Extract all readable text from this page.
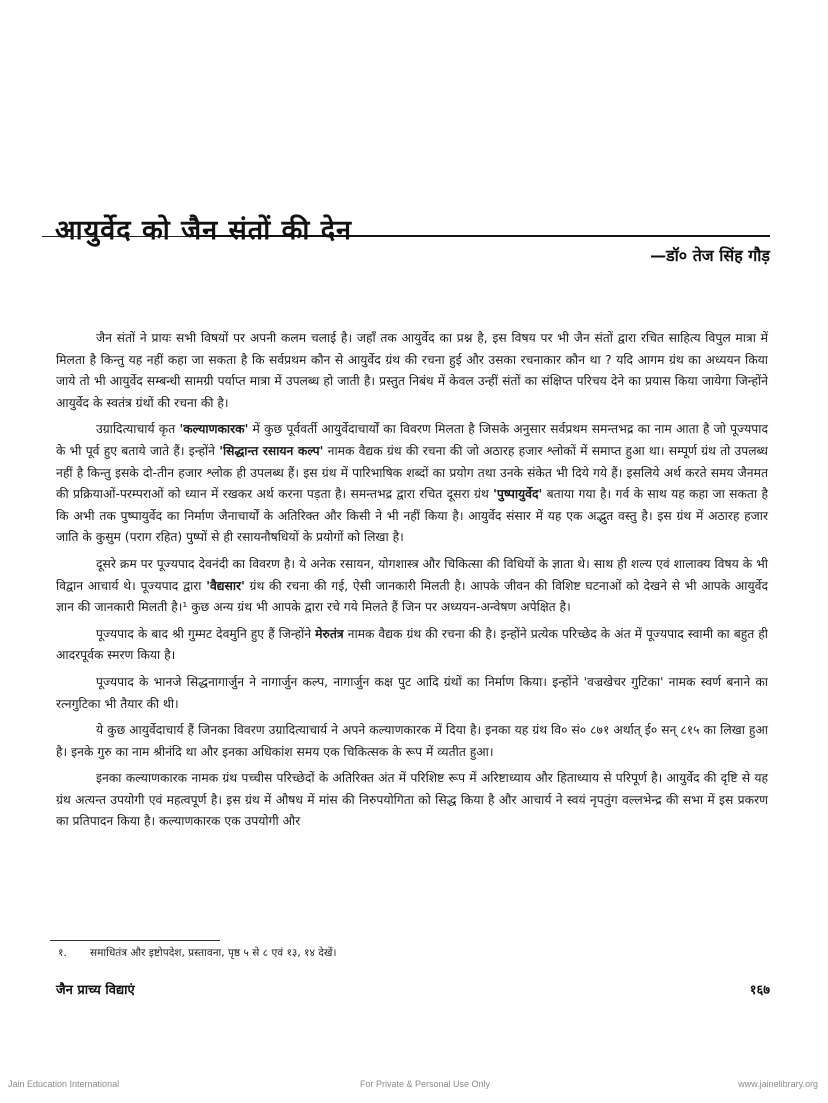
आयुर्वेद को जैन संतों की देन
—डॉ० तेज सिंह गौड़

जैन संतों ने प्रायः सभी विषयों पर अपनी कलम चलाई है। जहाँ तक आयुर्वेद का प्रश्न है, इस विषय पर भी जैन संतों द्वारा रचित साहित्य विपुल मात्रा में मिलता है किन्तु यह नहीं कहा जा सकता है कि सर्वप्रथम कौन से आयुर्वेद ग्रंथ की रचना हुई और उसका रचनाकार कौन था ? यदि आगम ग्रंथ का अध्ययन किया जाये तो भी आयुर्वेद सम्बन्धी सामग्री पर्याप्त मात्रा में उपलब्ध हो जाती है। प्रस्तुत निबंध में केवल उन्हीं संतों का संक्षिप्त परिचय देने का प्रयास किया जायेगा जिन्होंने आयुर्वेद के स्वतंत्र ग्रंथों की रचना की है।

उग्रादित्याचार्य कृत 'कल्याणकारक' में कुछ पूर्ववर्ती आयुर्वेदाचार्यों का विवरण मिलता है जिसके अनुसार सर्वप्रथम समन्तभद्र का नाम आता है जो पूज्यपाद के भी पूर्व हुए बताये जाते हैं। इन्होंने 'सिद्धान्त रसायन कल्प' नामक वैद्यक ग्रंथ की रचना की जो अठारह हजार श्लोकों में समाप्त हुआ था। सम्पूर्ण ग्रंथ तो उपलब्ध नहीं है किन्तु इसके दो-तीन हजार श्लोक ही उपलब्ध हैं। इस ग्रंथ में पारिभाषिक शब्दों का प्रयोग तथा उनके संकेत भी दिये गये हैं। इसलिये अर्थ करते समय जैनमत की प्रक्रियाओं-परम्पराओं को ध्यान में रखकर अर्थ करना पड़ता है। समन्तभद्र द्वारा रचित दूसरा ग्रंथ 'पुष्पायुर्वेद' बताया गया है। गर्व के साथ यह कहा जा सकता है कि अभी तक पुष्पायुर्वेद का निर्माण जैनाचार्यों के अतिरिक्त और किसी ने भी नहीं किया है। आयुर्वेद संसार में यह एक अद्भुत वस्तु है। इस ग्रंथ में अठारह हजार जाति के कुसुम (पराग रहित) पुष्पों से ही रसायनौषधियों के प्रयोगों को लिखा है।

दूसरे क्रम पर पूज्यपाद देवनंदी का विवरण है। ये अनेक रसायन, योगशास्त्र और चिकित्सा की विधियों के ज्ञाता थे। साथ ही शल्य एवं शालाक्य विषय के भी विद्वान आचार्य थे। पूज्यपाद द्वारा 'वैद्यसार' ग्रंथ की रचना की गई, ऐसी जानकारी मिलती है। आपके जीवन की विशिष्ट घटनाओं को देखने से भी आपके आयुर्वेद ज्ञान की जानकारी मिलती है।¹ कुछ अन्य ग्रंथ भी आपके द्वारा रचे गये मिलते हैं जिन पर अध्ययन-अन्वेषण अपेक्षित है।

पूज्यपाद के बाद श्री गुम्मट देवमुनि हुए हैं जिन्होंने मेरुतंत्र नामक वैद्यक ग्रंथ की रचना की है। इन्होंने प्रत्येक परिच्छेद के अंत में पूज्यपाद स्वामी का बहुत ही आदरपूर्वक स्मरण किया है।

पूज्यपाद के भानजे सिद्धनागार्जुन ने नागार्जुन कल्प, नागार्जुन कक्ष पुट आदि ग्रंथों का निर्माण किया। इन्होंने 'वज्रखेचर गुटिका' नामक स्वर्ण बनाने का रत्नगुटिका भी तैयार की थी।

ये कुछ आयुर्वेदाचार्य हैं जिनका विवरण उग्रादित्याचार्य ने अपने कल्याणकारक में दिया है। इनका यह ग्रंथ वि० सं० ८७१ अर्थात् ई० सन् ८१५ का लिखा हुआ है। इनके गुरु का नाम श्रीनंदि था और इनका अधिकांश समय एक चिकित्सक के रूप में व्यतीत हुआ।

इनका कल्याणकारक नामक ग्रंथ पच्चीस परिच्छेदों के अतिरिक्त अंत में परिशिष्ट रूप में अरिष्टाध्याय और हिताध्याय से परिपूर्ण है। आयुर्वेद की दृष्टि से यह ग्रंथ अत्यन्त उपयोगी एवं महत्वपूर्ण है। इस ग्रंथ में औषध में मांस की निरुपयोगिता को सिद्ध किया है और आचार्य ने स्वयं नृपतुंग वल्लभेन्द्र की सभा में इस प्रकरण का प्रतिपादन किया है। कल्याणकारक एक उपयोगी और

१. समाधितंत्र और इष्टोपदेश, प्रस्तावना, पृष्ठ ५ से ८ एवं १३, १४ देखें।
जैन प्राच्य विद्याएं	१६७
Jain Education International	For Private & Personal Use Only	www.jainelibrary.org
